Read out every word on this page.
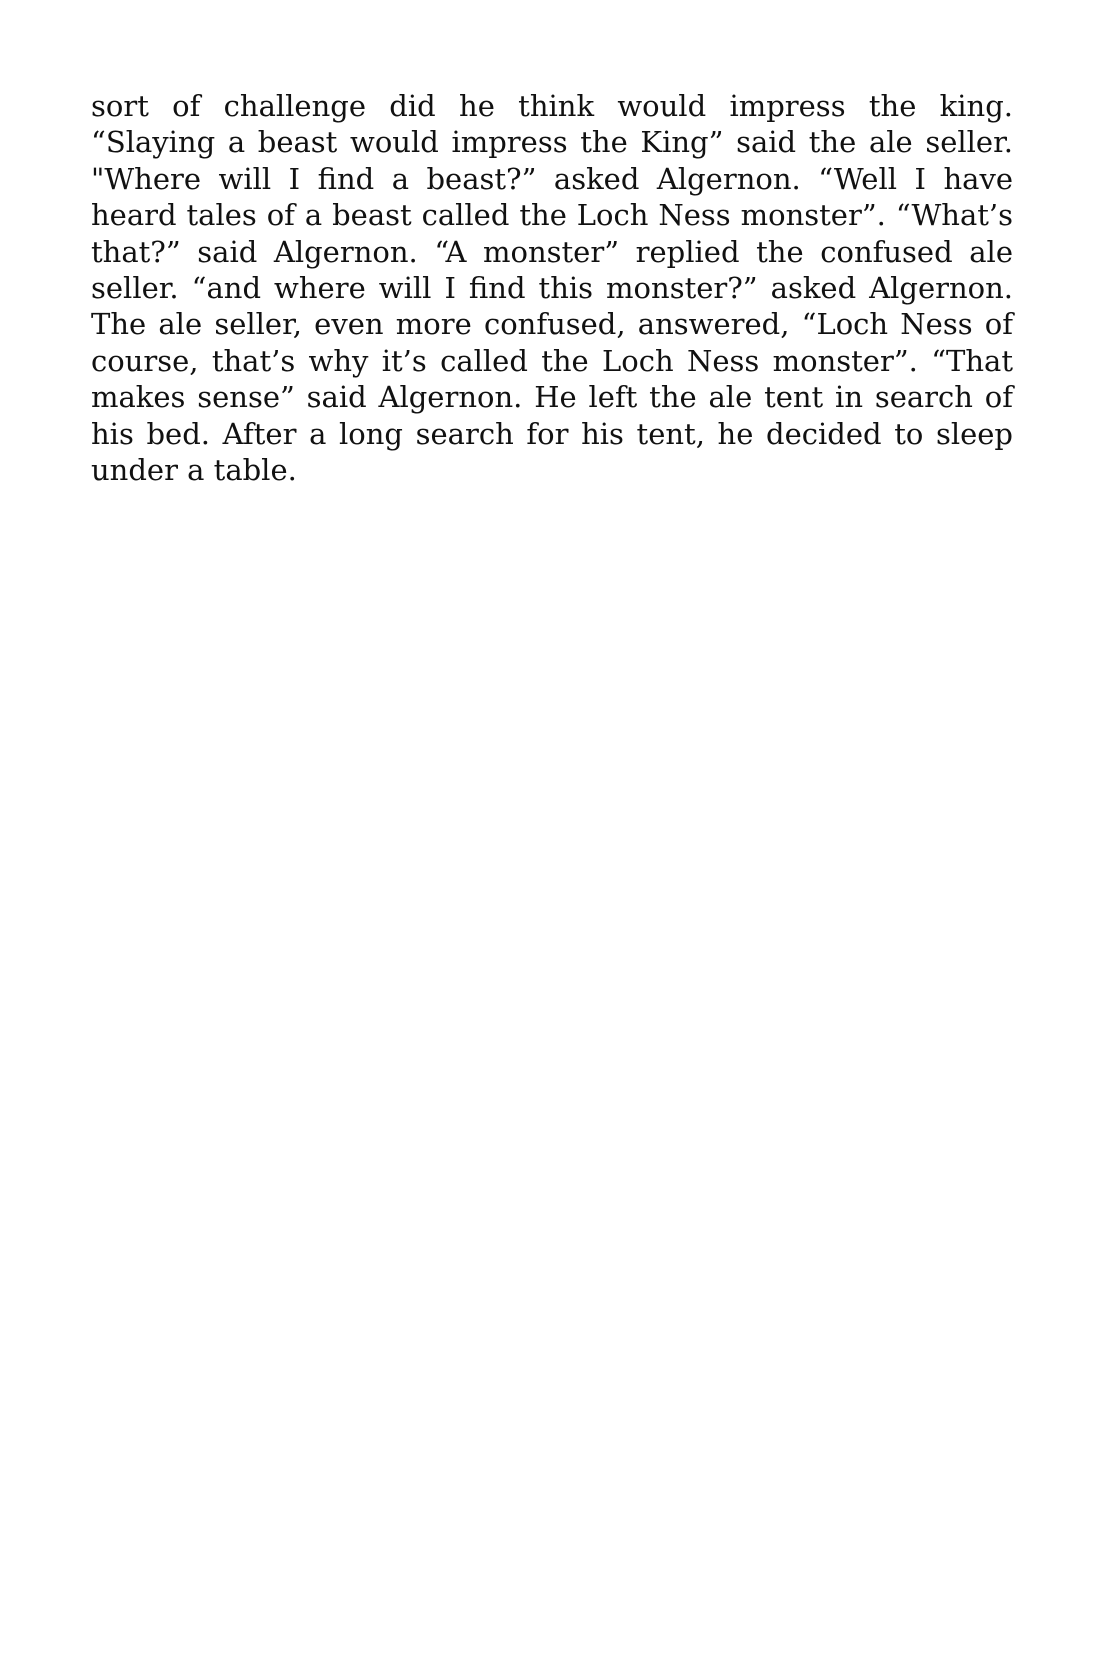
sort of challenge did he think would impress the king. “Slaying a beast would impress the King” said the ale seller. "Where will I find a beast?” asked Algernon. “Well I have heard tales of a beast called the Loch Ness monster”. “What’s that?” said Algernon. “A monster” replied the confused ale seller. “and where will I find this monster?” asked Algernon. The ale seller, even more confused, answered, “Loch Ness of course, that’s why it’s called the Loch Ness monster”. “That makes sense” said Algernon. He left the ale tent in search of his bed. After a long search for his tent, he decided to sleep under a table.
